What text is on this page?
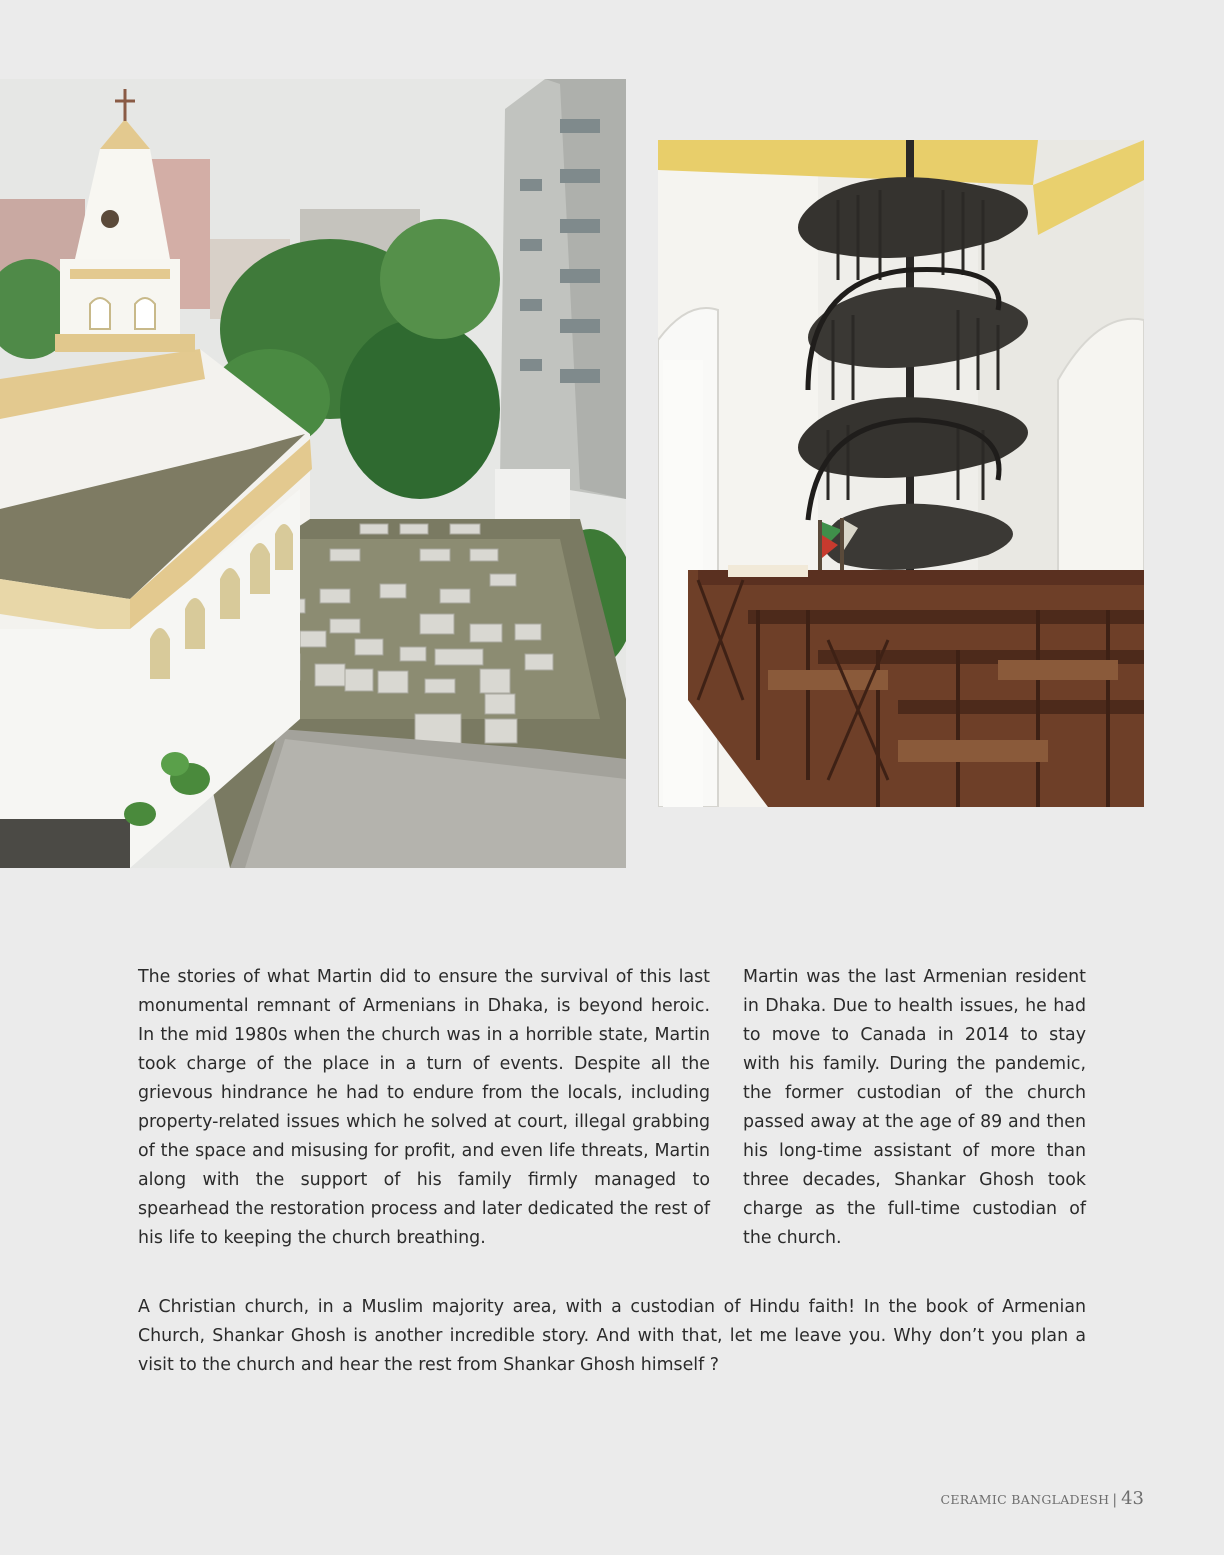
The stories of what Martin did to ensure the survival of this last monumental remnant of Armenians in Dhaka, is beyond heroic. In the mid 1980s when the church was in a horrible state, Martin took charge of the place in a turn of events. Despite all the grievous hindrance he had to endure from the locals, including property-related issues which he solved at court, illegal grabbing of the space and misusing for profit, and even life threats, Martin along with the support of his family firmly managed to spearhead the restoration process and later dedicated the rest of his life to keeping the church breathing.

Martin was the last Armenian resident in Dhaka. Due to health issues, he had to move to Canada in 2014 to stay with his family. During the pandemic, the former custodian of the church passed away at the age of 89 and then his long-time assistant of more than three decades, Shankar Ghosh took charge as the full-time custodian of the church.

A Christian church, in a Muslim majority area, with a custodian of Hindu faith! In the book of Armenian Church, Shankar Ghosh is another incredible story. And with that, let me leave you. Why don’t you plan a visit to the church and hear the rest from Shankar Ghosh himself ?

CERAMIC BANGLADESH | 43
